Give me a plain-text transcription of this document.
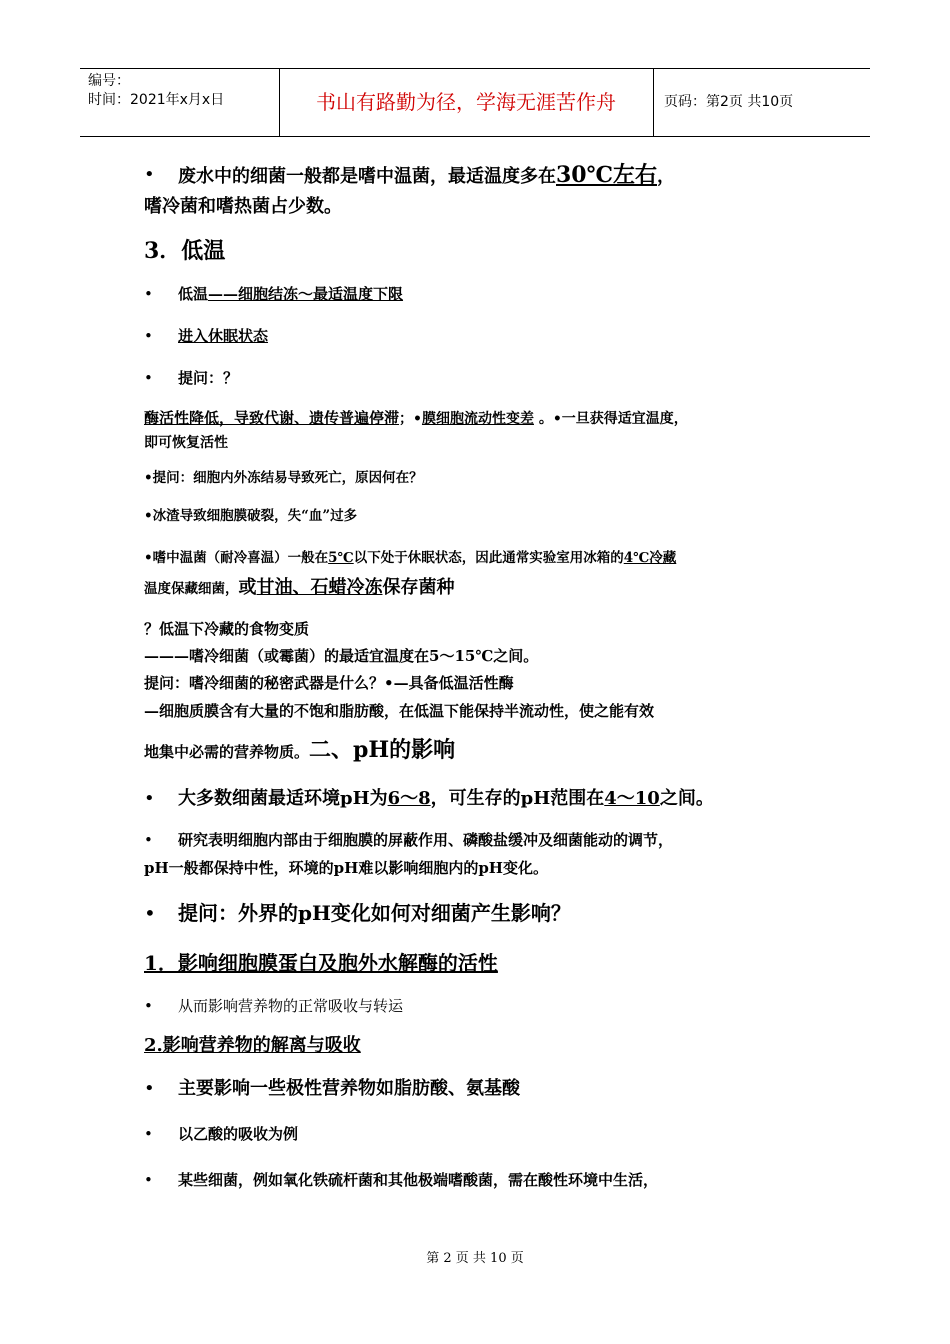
编号：
时间：2021年x月x日	书山有路勤为径，学海无涯苦作舟	页码：第2页 共10页

• 废水中的细菌一般都是嗜中温菌，最适温度多在30℃左右，
嗜冷菌和嗜热菌占少数。

3．低温

• 低温——细胞结冻～最适温度下限

• 进入休眠状态

• 提问：？

酶活性降低，导致代谢、遗传普遍停滞；•膜细胞流动性变差 。•一旦获得适宜温度，
即可恢复活性

•提问：细胞内外冻结易导致死亡，原因何在？

•冰渣导致细胞膜破裂，失“血”过多

•嗜中温菌（耐冷喜温）一般在5℃以下处于休眠状态，因此通常实验室用冰箱的4℃冷藏
温度保藏细菌，或甘油、石蜡冷冻保存菌种

？低温下冷藏的食物变质

———嗜冷细菌（或霉菌）的最适宜温度在5～15℃之间。

提问：嗜冷细菌的秘密武器是什么？•—具备低温活性酶

—细胞质膜含有大量的不饱和脂肪酸，在低温下能保持半流动性，使之能有效

地集中必需的营养物质。二、pH的影响

• 大多数细菌最适环境pH为6～8，可生存的pH范围在4～10之间。

• 研究表明细胞内部由于细胞膜的屏蔽作用、磷酸盐缓冲及细菌能动的调节，
pH一般都保持中性，环境的pH难以影响细胞内的pH变化。

• 提问：外界的pH变化如何对细菌产生影响？

1．影响细胞膜蛋白及胞外水解酶的活性

• 从而影响营养物的正常吸收与转运

2.影响营养物的解离与吸收

• 主要影响一些极性营养物如脂肪酸、氨基酸

• 以乙酸的吸收为例

• 某些细菌，例如氧化铁硫杆菌和其他极端嗜酸菌，需在酸性环境中生活，

第 2 页 共 10 页
